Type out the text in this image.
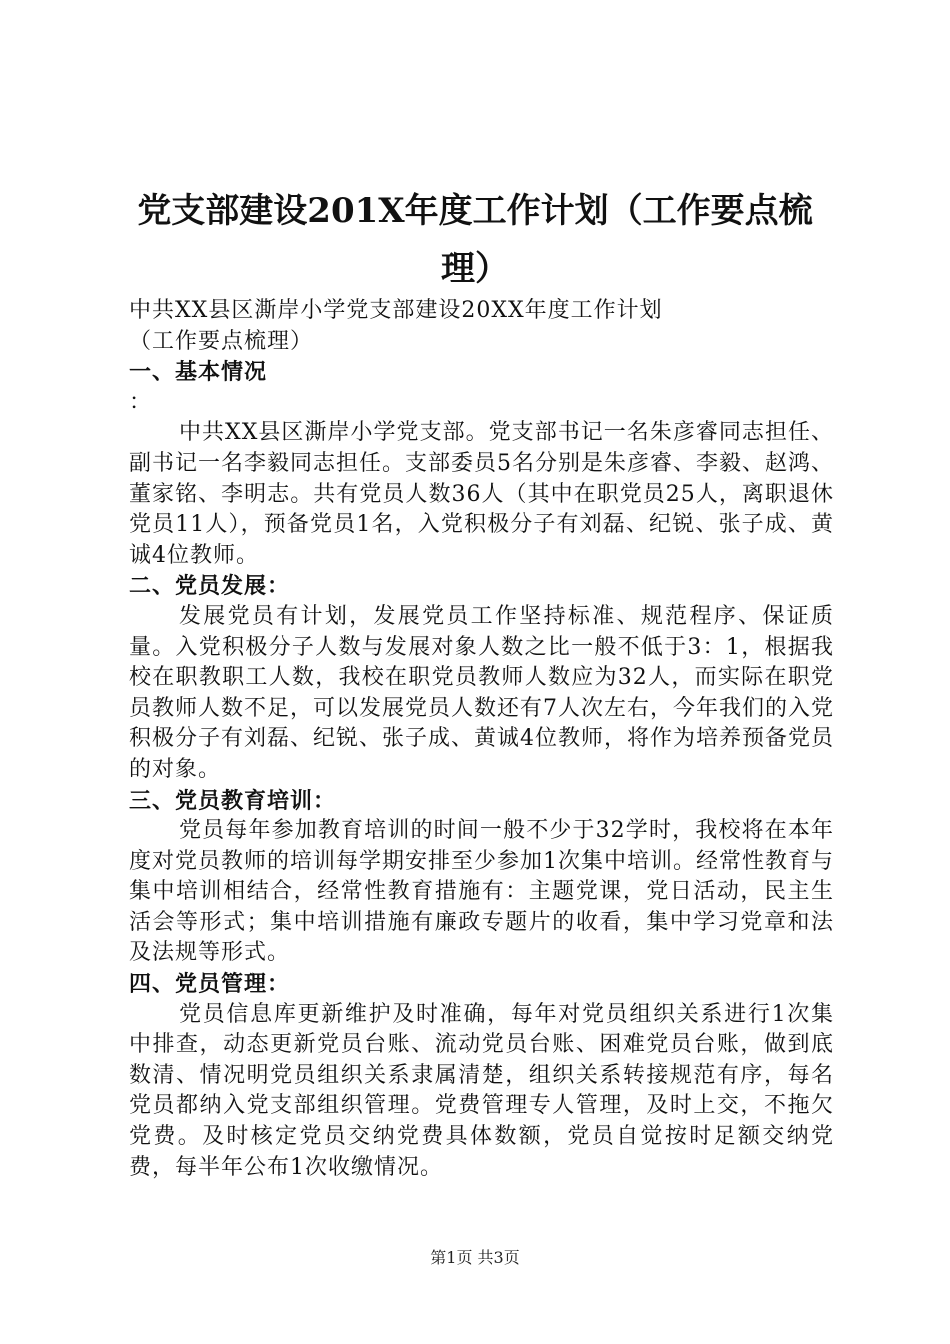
党支部建设201X年度工作计划（工作要点梳
理）

中共XX县区澌岸小学党支部建设20XX年度工作计划

（工作要点梳理）

一、基本情况

：

中共XX县区澌岸小学党支部。党支部书记一名朱彦睿同志担任、副书记一名李毅同志担任。支部委员5名分别是朱彦睿、李毅、赵鸿、董家铭、李明志。共有党员人数36人（其中在职党员25人，离职退休党员11人），预备党员1名，入党积极分子有刘磊、纪锐、张子成、黄诚4位教师。

二、党员发展：

发展党员有计划，发展党员工作坚持标准、规范程序、保证质量。入党积极分子人数与发展对象人数之比一般不低于3：1，根据我校在职教职工人数，我校在职党员教师人数应为32人，而实际在职党员教师人数不足，可以发展党员人数还有7人次左右，今年我们的入党积极分子有刘磊、纪锐、张子成、黄诚4位教师，将作为培养预备党员的对象。

三、党员教育培训：

党员每年参加教育培训的时间一般不少于32学时，我校将在本年度对党员教师的培训每学期安排至少参加1次集中培训。经常性教育与集中培训相结合，经常性教育措施有：主题党课，党日活动，民主生活会等形式；集中培训措施有廉政专题片的收看，集中学习党章和法及法规等形式。

四、党员管理：

党员信息库更新维护及时准确，每年对党员组织关系进行1次集中排查，动态更新党员台账、流动党员台账、困难党员台账，做到底数清、情况明党员组织关系隶属清楚，组织关系转接规范有序，每名党员都纳入党支部组织管理。党费管理专人管理，及时上交，不拖欠党费。及时核定党员交纳党费具体数额，党员自觉按时足额交纳党费，每半年公布1次收缴情况。

第1页 共3页
